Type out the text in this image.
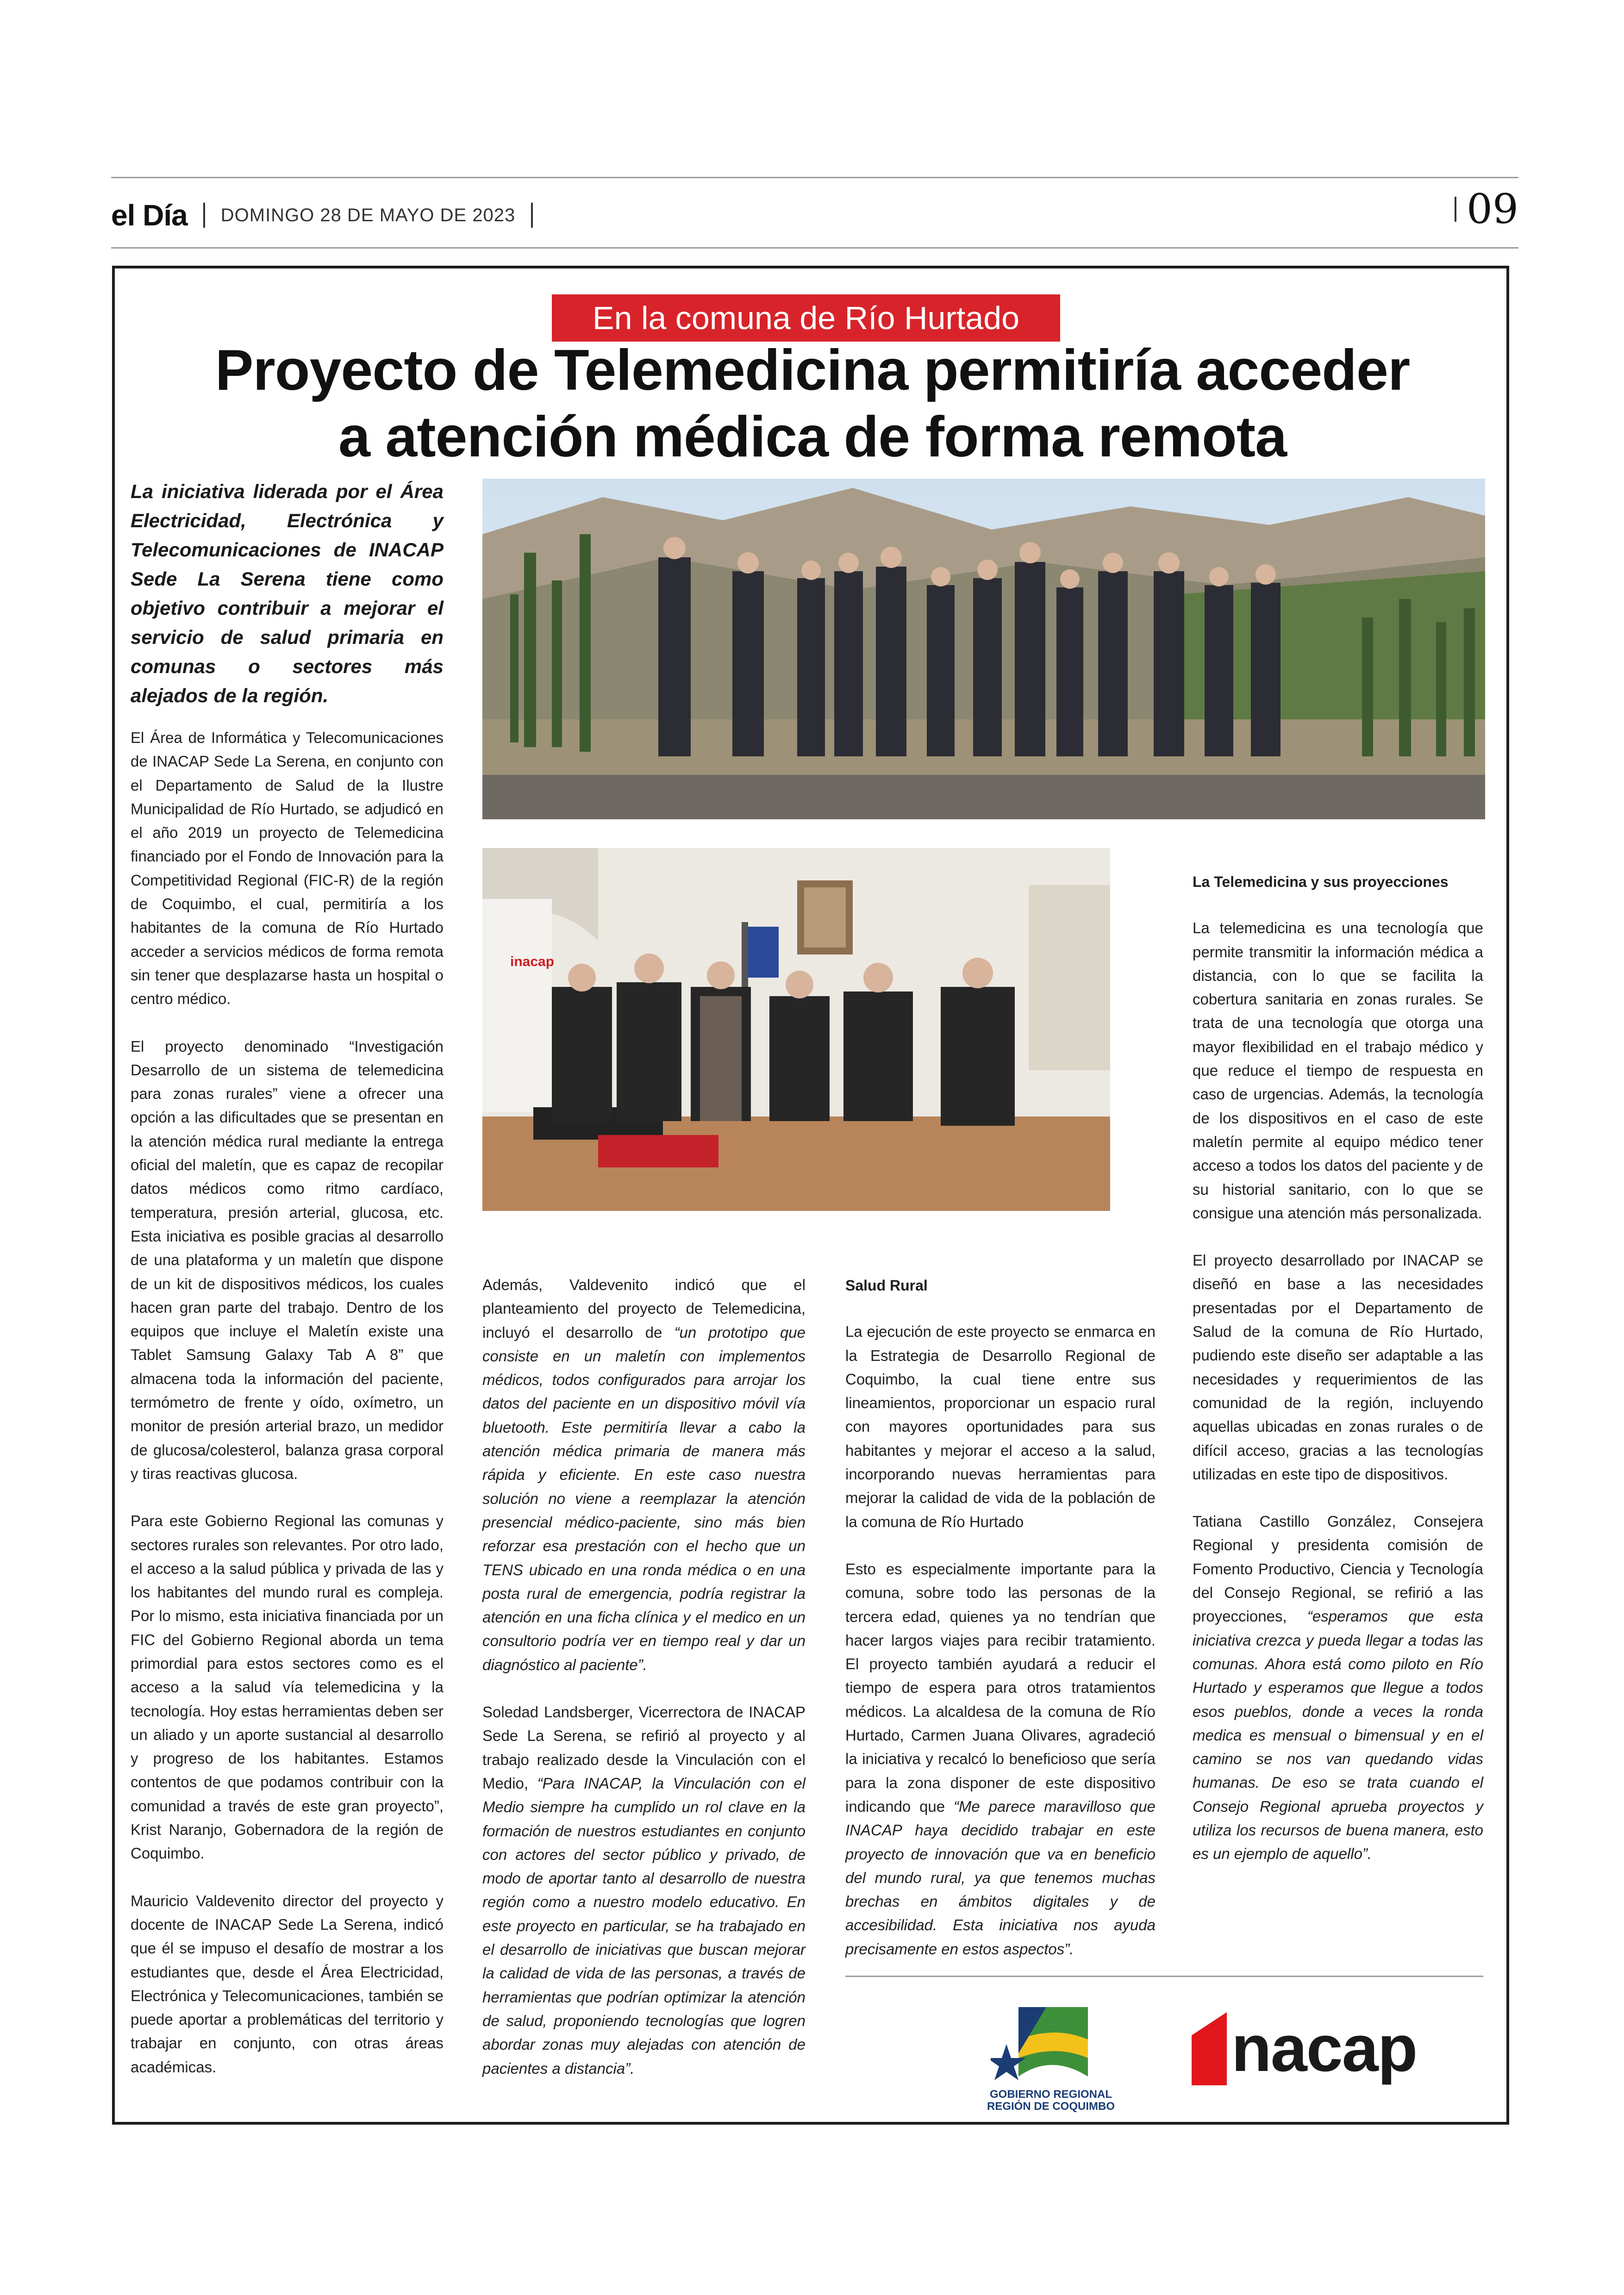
el Día DOMINGO 28 DE MAYO DE 2023	09
En la comuna de Río Hurtado
Proyecto de Telemedicina permitiría acceder
a atención médica de forma remota
La iniciativa liderada por el Área Electricidad, Electrónica y Telecomunicaciones de INACAP Sede La Serena tiene como objetivo contribuir a mejorar el servicio de salud primaria en comunas o sectores más alejados de la región.
inacap

El Área de Informática y Telecomunicaciones de INACAP Sede La Serena, en conjunto con el Departamento de Salud de la Ilustre Municipalidad de Río Hurtado, se adjudicó en el año 2019 un proyecto de Telemedicina financiado por el Fondo de Innovación para la Competitividad Regional (FIC-R) de la región de Coquimbo, el cual, permitiría a los habitantes de la comuna de Río Hurtado acceder a servicios médicos de forma remota sin tener que desplazarse hasta un hospital o centro médico.

El proyecto denominado “Investigación Desarrollo de un sistema de telemedicina para zonas rurales” viene a ofrecer una opción a las dificultades que se presentan en la atención médica rural mediante la entrega oficial del maletín, que es capaz de recopilar datos médicos como ritmo cardíaco, temperatura, presión arterial, glucosa, etc. Esta iniciativa es posible gracias al desarrollo de una plataforma y un maletín que dispone de un kit de dispositivos médicos, los cuales hacen gran parte del trabajo. Dentro de los equipos que incluye el Maletín existe una Tablet Samsung Galaxy Tab A 8” que almacena toda la información del paciente, termómetro de frente y oído, oxímetro, un monitor de presión arterial brazo, un medidor de glucosa/colesterol, balanza grasa corporal y tiras reactivas glucosa.

Para este Gobierno Regional las comunas y sectores rurales son relevantes. Por otro lado, el acceso a la salud pública y privada de las y los habitantes del mundo rural es compleja. Por lo mismo, esta iniciativa financiada por un FIC del Gobierno Regional aborda un tema primordial para estos sectores como es el acceso a la salud vía telemedicina y la tecnología. Hoy estas herramientas deben ser un aliado y un aporte sustancial al desarrollo y progreso de los habitantes. Estamos contentos de que podamos contribuir con la comunidad a través de este gran proyecto”, Krist Naranjo, Gobernadora de la región de Coquimbo.

Mauricio Valdevenito director del proyecto y docente de INACAP Sede La Serena, indicó que él se impuso el desafío de mostrar a los estudiantes que, desde el Área Electricidad, Electrónica y Telecomunicaciones, también se puede aportar a problemáticas del territorio y trabajar en conjunto, con otras áreas académicas.

Además, Valdevenito indicó que el planteamiento del proyecto de Telemedicina, incluyó el desarrollo de “un prototipo que consiste en un maletín con implementos médicos, todos configurados para arrojar los datos del paciente en un dispositivo móvil vía bluetooth. Este permitiría llevar a cabo la atención médica primaria de manera más rápida y eficiente. En este caso nuestra solución no viene a reemplazar la atención presencial médico-paciente, sino más bien reforzar esa prestación con el hecho que un TENS ubicado en una ronda médica o en una posta rural de emergencia, podría registrar la atención en una ficha clínica y el medico en un consultorio podría ver en tiempo real y dar un diagnóstico al paciente”.

Soledad Landsberger, Vicerrectora de INACAP Sede La Serena, se refirió al proyecto y al trabajo realizado desde la Vinculación con el Medio, “Para INACAP, la Vinculación con el Medio siempre ha cumplido un rol clave en la formación de nuestros estudiantes en conjunto con actores del sector público y privado, de modo de aportar tanto al desarrollo de nuestra región como a nuestro modelo educativo. En este proyecto en particular, se ha trabajado en el desarrollo de iniciativas que buscan mejorar la calidad de vida de las personas, a través de herramientas que podrían optimizar la atención de salud, proponiendo tecnologías que logren abordar zonas muy alejadas con atención de pacientes a distancia”.

Salud Rural

La ejecución de este proyecto se enmarca en la Estrategia de Desarrollo Regional de Coquimbo, la cual tiene entre sus lineamientos, proporcionar un espacio rural con mayores oportunidades para sus habitantes y mejorar el acceso a la salud, incorporando nuevas herramientas para mejorar la calidad de vida de la población de la comuna de Río Hurtado

Esto es especialmente importante para la comuna, sobre todo las personas de la tercera edad, quienes ya no tendrían que hacer largos viajes para recibir tratamiento. El proyecto también ayudará a reducir el tiempo de espera para otros tratamientos médicos. La alcaldesa de la comuna de Río Hurtado, Carmen Juana Olivares, agradeció la iniciativa y recalcó lo beneficioso que sería para la zona disponer de este dispositivo indicando que “Me parece maravilloso que INACAP haya decidido trabajar en este proyecto de innovación que va en beneficio del mundo rural, ya que tenemos muchas brechas en ámbitos digitales y de accesibilidad. Esta iniciativa nos ayuda precisamente en estos aspectos”.

La Telemedicina y sus proyecciones

La telemedicina es una tecnología que permite transmitir la información médica a distancia, con lo que se facilita la cobertura sanitaria en zonas rurales. Se trata de una tecnología que otorga una mayor flexibilidad en el trabajo médico y que reduce el tiempo de respuesta en caso de urgencias. Además, la tecnología de los dispositivos en el caso de este maletín permite al equipo médico tener acceso a todos los datos del paciente y de su historial sanitario, con lo que se consigue una atención más personalizada.

El proyecto desarrollado por INACAP se diseñó en base a las necesidades presentadas por el Departamento de Salud de la comuna de Río Hurtado, pudiendo este diseño ser adaptable a las necesidades y requerimientos de las comunidad de la región, incluyendo aquellas ubicadas en zonas rurales o de difícil acceso, gracias a las tecnologías utilizadas en este tipo de dispositivos.

Tatiana Castillo González, Consejera Regional y presidenta comisión de Fomento Productivo, Ciencia y Tecnología del Consejo Regional, se refirió a las proyecciones, “esperamos que esta iniciativa crezca y pueda llegar a todas las comunas. Ahora está como piloto en Río Hurtado y esperamos que llegue a todos esos pueblos, donde a veces la ronda medica es mensual o bimensual y en el camino se nos van quedando vidas humanas. De eso se trata cuando el Consejo Regional aprueba proyectos y utiliza los recursos de buena manera, esto es un ejemplo de aquello”.

GOBIERNO REGIONAL
REGIÓN DE COQUIMBO
nacap
